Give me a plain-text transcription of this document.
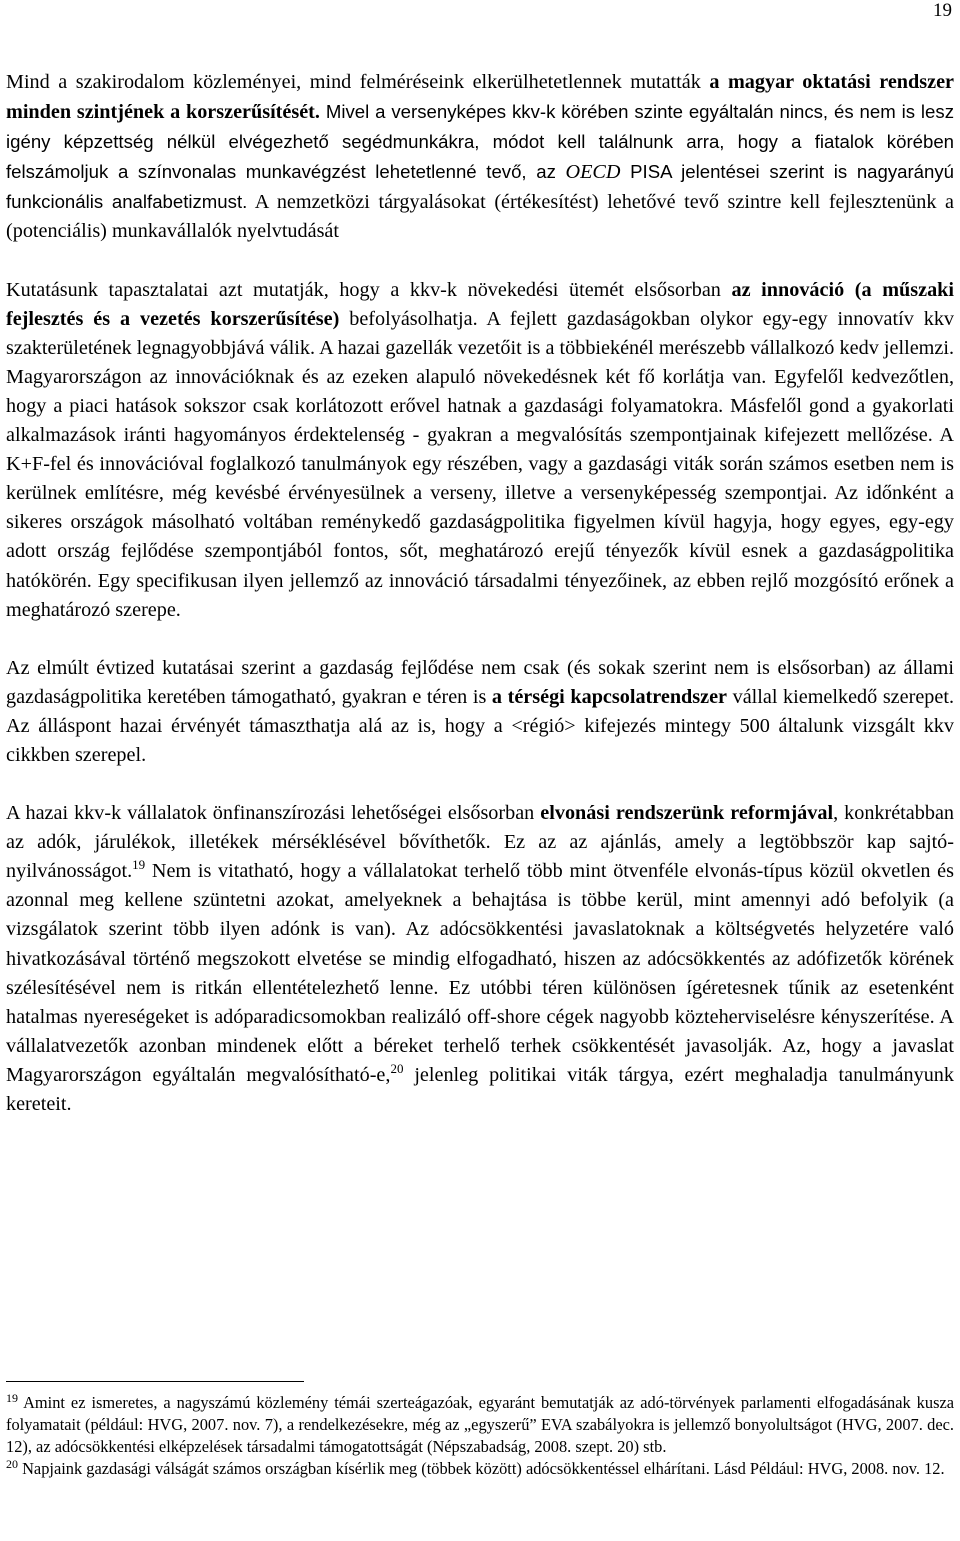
19

Mind a szakirodalom közleményei, mind felméréseink elkerülhetetlennek mutatták a magyar oktatási rendszer minden szintjének a korszerűsítését. Mivel a versenyképes kkv-k körében szinte egyáltalán nincs, és nem is lesz igény képzettség nélkül elvégezhető segédmunkákra, módot kell találnunk arra, hogy a fiatalok körében felszámoljuk a színvonalas munkavégzést lehetetlenné tevő, az OECD PISA jelentései szerint is nagyarányú funkcionális analfabetizmust. A nemzetközi tárgyalásokat (értékesítést) lehetővé tevő szintre kell fejlesztenünk a (potenciális) munkavállalók nyelvtudását

Kutatásunk tapasztalatai azt mutatják, hogy a kkv-k növekedési ütemét elsősorban az innováció (a műszaki fejlesztés és a vezetés korszerűsítése) befolyásolhatja. A fejlett gazdaságokban olykor egy-egy innovatív kkv szakterületének legnagyobbjává válik. A hazai gazellák vezetőit is a többiekénél merészebb vállalkozó kedv jellemzi. Magyarországon az innovációknak és az ezeken alapuló növekedésnek két fő korlátja van. Egyfelől kedvezőtlen, hogy a piaci hatások sokszor csak korlátozott erővel hatnak a gazdasági folyamatokra. Másfelől gond a gyakorlati alkalmazások iránti hagyományos érdektelenség - gyakran a megvalósítás szempontjainak kifejezett mellőzése. A K+F-fel és innovációval foglalkozó tanulmányok egy részében, vagy a gazdasági viták során számos esetben nem is kerülnek említésre, még kevésbé érvényesülnek a verseny, illetve a versenyképesség szempontjai. Az időnként a sikeres országok másolható voltában reménykedő gazdaságpolitika figyelmen kívül hagyja, hogy egyes, egy-egy adott ország fejlődése szempontjából fontos, sőt, meghatározó erejű tényezők kívül esnek a gazdaságpolitika hatókörén. Egy specifikusan ilyen jellemző az innováció társadalmi tényezőinek, az ebben rejlő mozgósító erőnek a meghatározó szerepe.

Az elmúlt évtized kutatásai szerint a gazdaság fejlődése nem csak (és sokak szerint nem is elsősorban) az állami gazdaságpolitika keretében támogatható, gyakran e téren is a térségi kapcsolatrendszer vállal kiemelkedő szerepet. Az álláspont hazai érvényét támaszthatja alá az is, hogy a <régió> kifejezés mintegy 500 általunk vizsgált kkv cikkben szerepel.

A hazai kkv-k vállalatok önfinanszírozási lehetőségei elsősorban elvonási rendszerünk reformjával, konkrétabban az adók, járulékok, illetékek mérséklésével bővíthetők. Ez az az ajánlás, amely a legtöbbször kap sajtó-nyilvánosságot.$^{19}$ Nem is vitatható, hogy a vállalatokat terhelő több mint ötvenféle elvonás-típus közül okvetlen és azonnal meg kellene szüntetni azokat, amelyeknek a behajtása is többe kerül, mint amennyi adó befolyik (a vizsgálatok szerint több ilyen adónk is van). Az adócsökkentési javaslatoknak a költségvetés helyzetére való hivatkozásával történő megszokott elvetése se mindig elfogadható, hiszen az adócsökkentés az adófizetők körének szélesítésével nem is ritkán ellentételezhető lenne. Ez utóbbi téren különösen ígéretesnek tűnik az esetenként hatalmas nyereségeket is adóparadicsomokban realizáló off-shore cégek nagyobb közteherviselésre kényszerítése. A vállalatvezetők azonban mindenek előtt a béreket terhelő terhek csökkentését javasolják. Az, hogy a javaslat Magyarországon egyáltalán megvalósítható-e,$^{20}$ jelenleg politikai viták tárgya, ezért meghaladja tanulmányunk kereteit.

$^{19}$ Amint ez ismeretes, a nagyszámú közlemény témái szerteágazóak, egyaránt bemutatják az adó-törvények parlamenti elfogadásának kusza folyamatait (például: HVG, 2007. nov. 7), a rendelkezésekre, még az „egyszerű” EVA szabályokra is jellemző bonyolultságot (HVG, 2007. dec. 12), az adócsökkentési elképzelések társadalmi támogatottságát (Népszabadság, 2008. szept. 20) stb.

$^{20}$ Napjaink gazdasági válságát számos országban kísérlik meg (többek között) adócsökkentéssel elhárítani. Lásd Például: HVG, 2008. nov. 12.
